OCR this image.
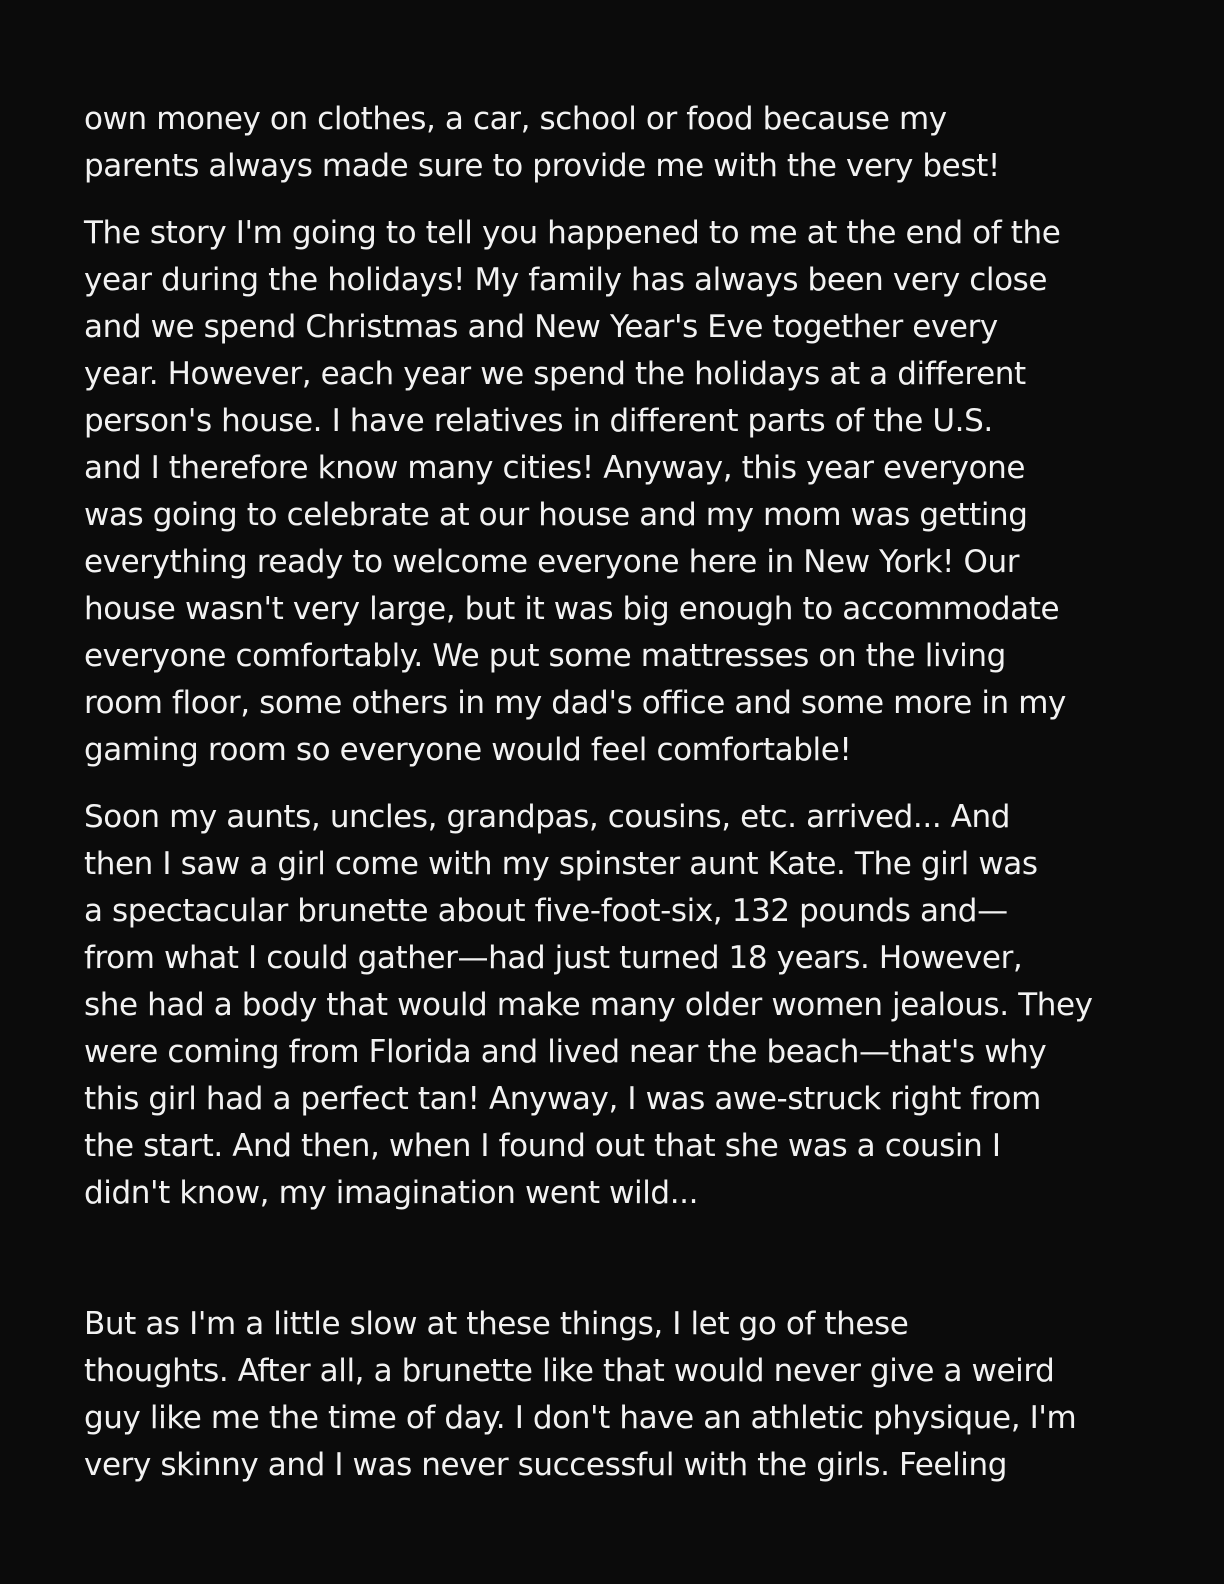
own money on clothes, a car, school or food because my
parents always made sure to provide me with the very best!

The story I'm going to tell you happened to me at the end of the
year during the holidays! My family has always been very close
and we spend Christmas and New Year's Eve together every
year. However, each year we spend the holidays at a different
person's house. I have relatives in different parts of the U.S.
and I therefore know many cities! Anyway, this year everyone
was going to celebrate at our house and my mom was getting
everything ready to welcome everyone here in New York! Our
house wasn't very large, but it was big enough to accommodate
everyone comfortably. We put some mattresses on the living
room floor, some others in my dad's office and some more in my
gaming room so everyone would feel comfortable!

Soon my aunts, uncles, grandpas, cousins, etc. arrived... And
then I saw a girl come with my spinster aunt Kate. The girl was
a spectacular brunette about five-foot-six, 132 pounds and—
from what I could gather—had just turned 18 years. However,
she had a body that would make many older women jealous. They
were coming from Florida and lived near the beach—that's why
this girl had a perfect tan! Anyway, I was awe-struck right from
the start. And then, when I found out that she was a cousin I
didn't know, my imagination went wild...

But as I'm a little slow at these things, I let go of these
thoughts. After all, a brunette like that would never give a weird
guy like me the time of day. I don't have an athletic physique, I'm
very skinny and I was never successful with the girls. Feeling
